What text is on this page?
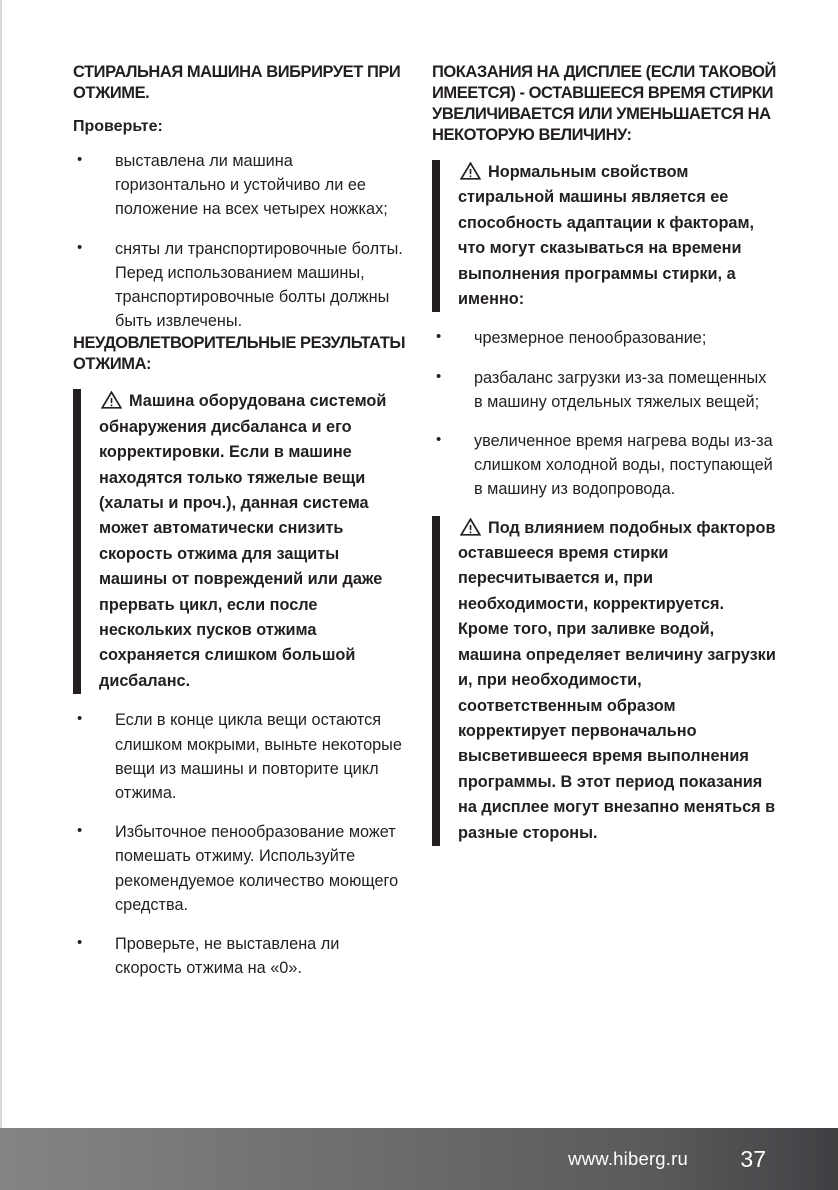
СТИРАЛЬНАЯ МАШИНА ВИБРИРУЕТ ПРИ ОТЖИМЕ.
Проверьте:
• выставлена ли машина горизонтально и устойчиво ли ее положение на всех четырех ножках;
• сняты ли транспортировочные болты. Перед использованием машины, транспортировочные болты должны быть извлечены.
НЕУДОВЛЕТВОРИТЕЛЬНЫЕ РЕЗУЛЬТАТЫ ОТЖИМА:

Машина оборудована системой обнаружения дисбаланса и его корректировки. Если в машине находятся только тяжелые вещи (халаты и проч.), данная система может автоматически снизить скорость отжима для защиты машины от повреждений или даже прервать цикл, если после нескольких пусков отжима сохраняется слишком большой дисбаланс.

• Если в конце цикла вещи остаются слишком мокрыми, выньте некоторые вещи из машины и повторите цикл отжима.
• Избыточное пенообразование может помешать отжиму. Используйте рекомендуемое количество моющего средства.
• Проверьте, не выставлена ли скорость отжима на «0».
ПОКАЗАНИЯ НА ДИСПЛЕЕ (ЕСЛИ ТАКОВОЙ ИМЕЕТСЯ) - ОСТАВШЕЕСЯ ВРЕМЯ СТИРКИ УВЕЛИЧИВАЕТСЯ ИЛИ УМЕНЬШАЕТСЯ НА НЕКОТОРУЮ ВЕЛИЧИНУ:

Нормальным свойством стиральной машины является ее способность адаптации к факторам, что могут сказываться на времени выполнения программы стирки, а именно:

• чрезмерное пенообразование;
• разбаланс загрузки из-за помещенных в машину отдельных тяжелых вещей;
• увеличенное время нагрева воды из-за слишком холодной воды, поступающей в машину из водопровода.

Под влиянием подобных факторов оставшееся время стирки пересчитывается и, при необходимости, корректируется. Кроме того, при заливке водой, машина определяет величину загрузки и, при необходимости, соответственным образом корректирует первоначально высветившееся время выполнения программы. В этот период показания на дисплее могут внезапно меняться в разные стороны.

www.hiberg.ru 37
